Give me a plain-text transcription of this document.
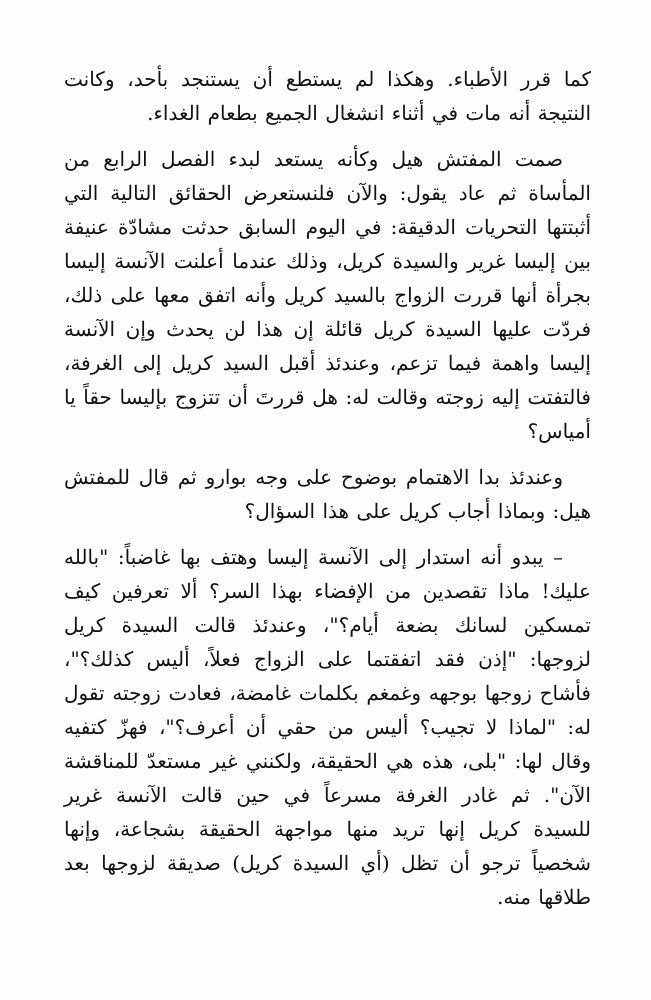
كما قرر الأطباء. وهكذا لم يستطع أن يستنجد بأحد، وكانت النتيجة أنه مات في أثناء انشغال الجميع بطعام الغداء.

صمت المفتش هيل وكأنه يستعد لبدء الفصل الرابع من المأساة ثم عاد يقول: والآن فلنستعرض الحقائق التالية التي أثبتتها التحريات الدقيقة: في اليوم السابق حدثت مشادّة عنيفة بين إليسا غرير والسيدة كريل، وذلك عندما أعلنت الآنسة إليسا بجرأة أنها قررت الزواج بالسيد كريل وأنه اتفق معها على ذلك، فردّت عليها السيدة كريل قائلة إن هذا لن يحدث وإن الآنسة إليسا واهمة فيما تزعم، وعندئذ أقبل السيد كريل إلى الغرفة، فالتفتت إليه زوجته وقالت له: هل قررتَ أن تتزوج بإليسا حقاً يا أمياس؟

وعندئذ بدا الاهتمام بوضوح على وجه بوارو ثم قال للمفتش هيل: وبماذا أجاب كريل على هذا السؤال؟

– يبدو أنه استدار إلى الآنسة إليسا وهتف بها غاضباً: "بالله عليك! ماذا تقصدين من الإفضاء بهذا السر؟ ألا تعرفين كيف تمسكين لسانك بضعة أيام؟"، وعندئذ قالت السيدة كريل لزوجها: "إذن فقد اتفقتما على الزواج فعلاً، أليس كذلك؟"، فأشاح زوجها بوجهه وغمغم بكلمات غامضة، فعادت زوجته تقول له: "لماذا لا تجيب؟ أليس من حقي أن أعرف؟"، فهزّ كتفيه وقال لها: "بلى، هذه هي الحقيقة، ولكنني غير مستعدّ للمناقشة الآن". ثم غادر الغرفة مسرعاً في حين قالت الآنسة غرير للسيدة كريل إنها تريد منها مواجهة الحقيقة بشجاعة، وإنها شخصياً ترجو أن تظل (أي السيدة كريل) صديقة لزوجها بعد طلاقها منه.
